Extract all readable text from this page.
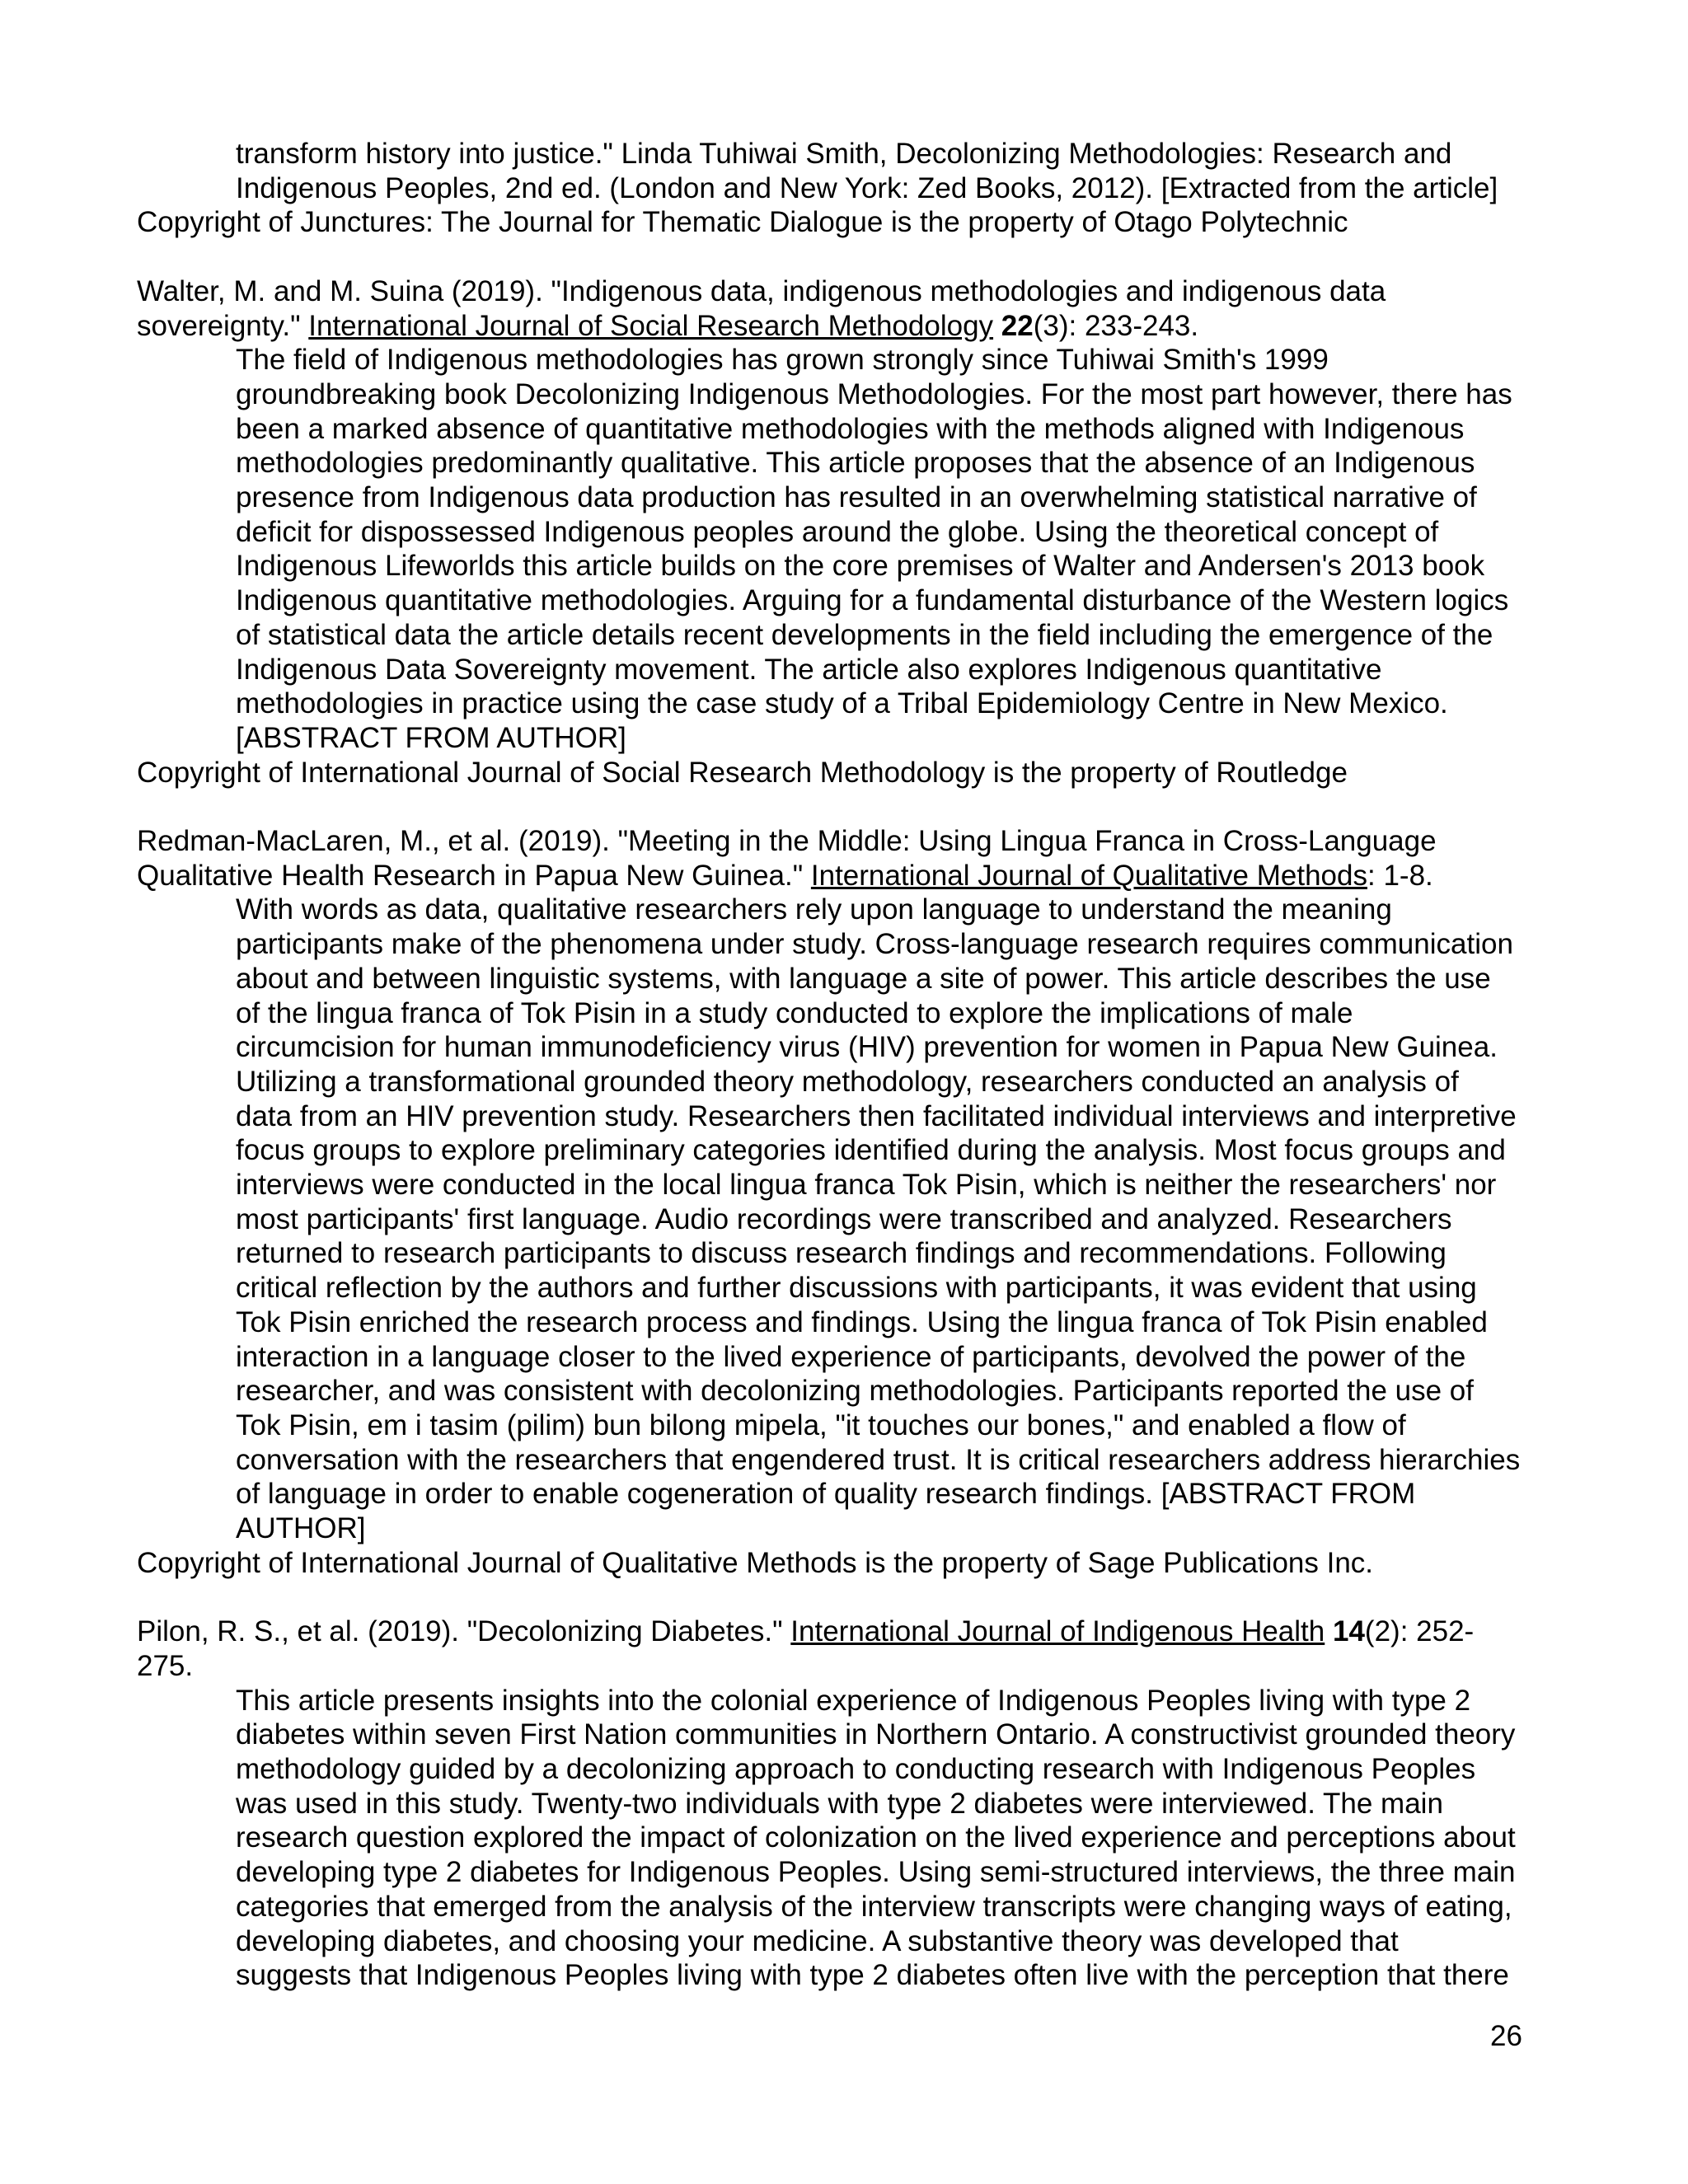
transform history into justice." Linda Tuhiwai Smith, Decolonizing Methodologies: Research and
Indigenous Peoples, 2nd ed. (London and New York: Zed Books, 2012). [Extracted from the article]
Copyright of Junctures: The Journal for Thematic Dialogue is the property of Otago Polytechnic
Walter, M. and M. Suina (2019). "Indigenous data, indigenous methodologies and indigenous data
sovereignty." International Journal of Social Research Methodology 22(3): 233-243.
The field of Indigenous methodologies has grown strongly since Tuhiwai Smith's 1999
groundbreaking book Decolonizing Indigenous Methodologies. For the most part however, there has
been a marked absence of quantitative methodologies with the methods aligned with Indigenous
methodologies predominantly qualitative. This article proposes that the absence of an Indigenous
presence from Indigenous data production has resulted in an overwhelming statistical narrative of
deficit for dispossessed Indigenous peoples around the globe. Using the theoretical concept of
Indigenous Lifeworlds this article builds on the core premises of Walter and Andersen's 2013 book
Indigenous quantitative methodologies. Arguing for a fundamental disturbance of the Western logics
of statistical data the article details recent developments in the field including the emergence of the
Indigenous Data Sovereignty movement. The article also explores Indigenous quantitative
methodologies in practice using the case study of a Tribal Epidemiology Centre in New Mexico.
[ABSTRACT FROM AUTHOR]
Copyright of International Journal of Social Research Methodology is the property of Routledge
Redman-MacLaren, M., et al. (2019). "Meeting in the Middle: Using Lingua Franca in Cross-Language
Qualitative Health Research in Papua New Guinea." International Journal of Qualitative Methods: 1-8.
With words as data, qualitative researchers rely upon language to understand the meaning
participants make of the phenomena under study. Cross-language research requires communication
about and between linguistic systems, with language a site of power. This article describes the use
of the lingua franca of Tok Pisin in a study conducted to explore the implications of male
circumcision for human immunodeficiency virus (HIV) prevention for women in Papua New Guinea.
Utilizing a transformational grounded theory methodology, researchers conducted an analysis of
data from an HIV prevention study. Researchers then facilitated individual interviews and interpretive
focus groups to explore preliminary categories identified during the analysis. Most focus groups and
interviews were conducted in the local lingua franca Tok Pisin, which is neither the researchers' nor
most participants' first language. Audio recordings were transcribed and analyzed. Researchers
returned to research participants to discuss research findings and recommendations. Following
critical reflection by the authors and further discussions with participants, it was evident that using
Tok Pisin enriched the research process and findings. Using the lingua franca of Tok Pisin enabled
interaction in a language closer to the lived experience of participants, devolved the power of the
researcher, and was consistent with decolonizing methodologies. Participants reported the use of
Tok Pisin, em i tasim (pilim) bun bilong mipela, "it touches our bones," and enabled a flow of
conversation with the researchers that engendered trust. It is critical researchers address hierarchies
of language in order to enable cogeneration of quality research findings. [ABSTRACT FROM
AUTHOR]
Copyright of International Journal of Qualitative Methods is the property of Sage Publications Inc.
Pilon, R. S., et al. (2019). "Decolonizing Diabetes." International Journal of Indigenous Health 14(2): 252-
275.
This article presents insights into the colonial experience of Indigenous Peoples living with type 2
diabetes within seven First Nation communities in Northern Ontario. A constructivist grounded theory
methodology guided by a decolonizing approach to conducting research with Indigenous Peoples
was used in this study. Twenty-two individuals with type 2 diabetes were interviewed. The main
research question explored the impact of colonization on the lived experience and perceptions about
developing type 2 diabetes for Indigenous Peoples. Using semi-structured interviews, the three main
categories that emerged from the analysis of the interview transcripts were changing ways of eating,
developing diabetes, and choosing your medicine. A substantive theory was developed that
suggests that Indigenous Peoples living with type 2 diabetes often live with the perception that there
26
